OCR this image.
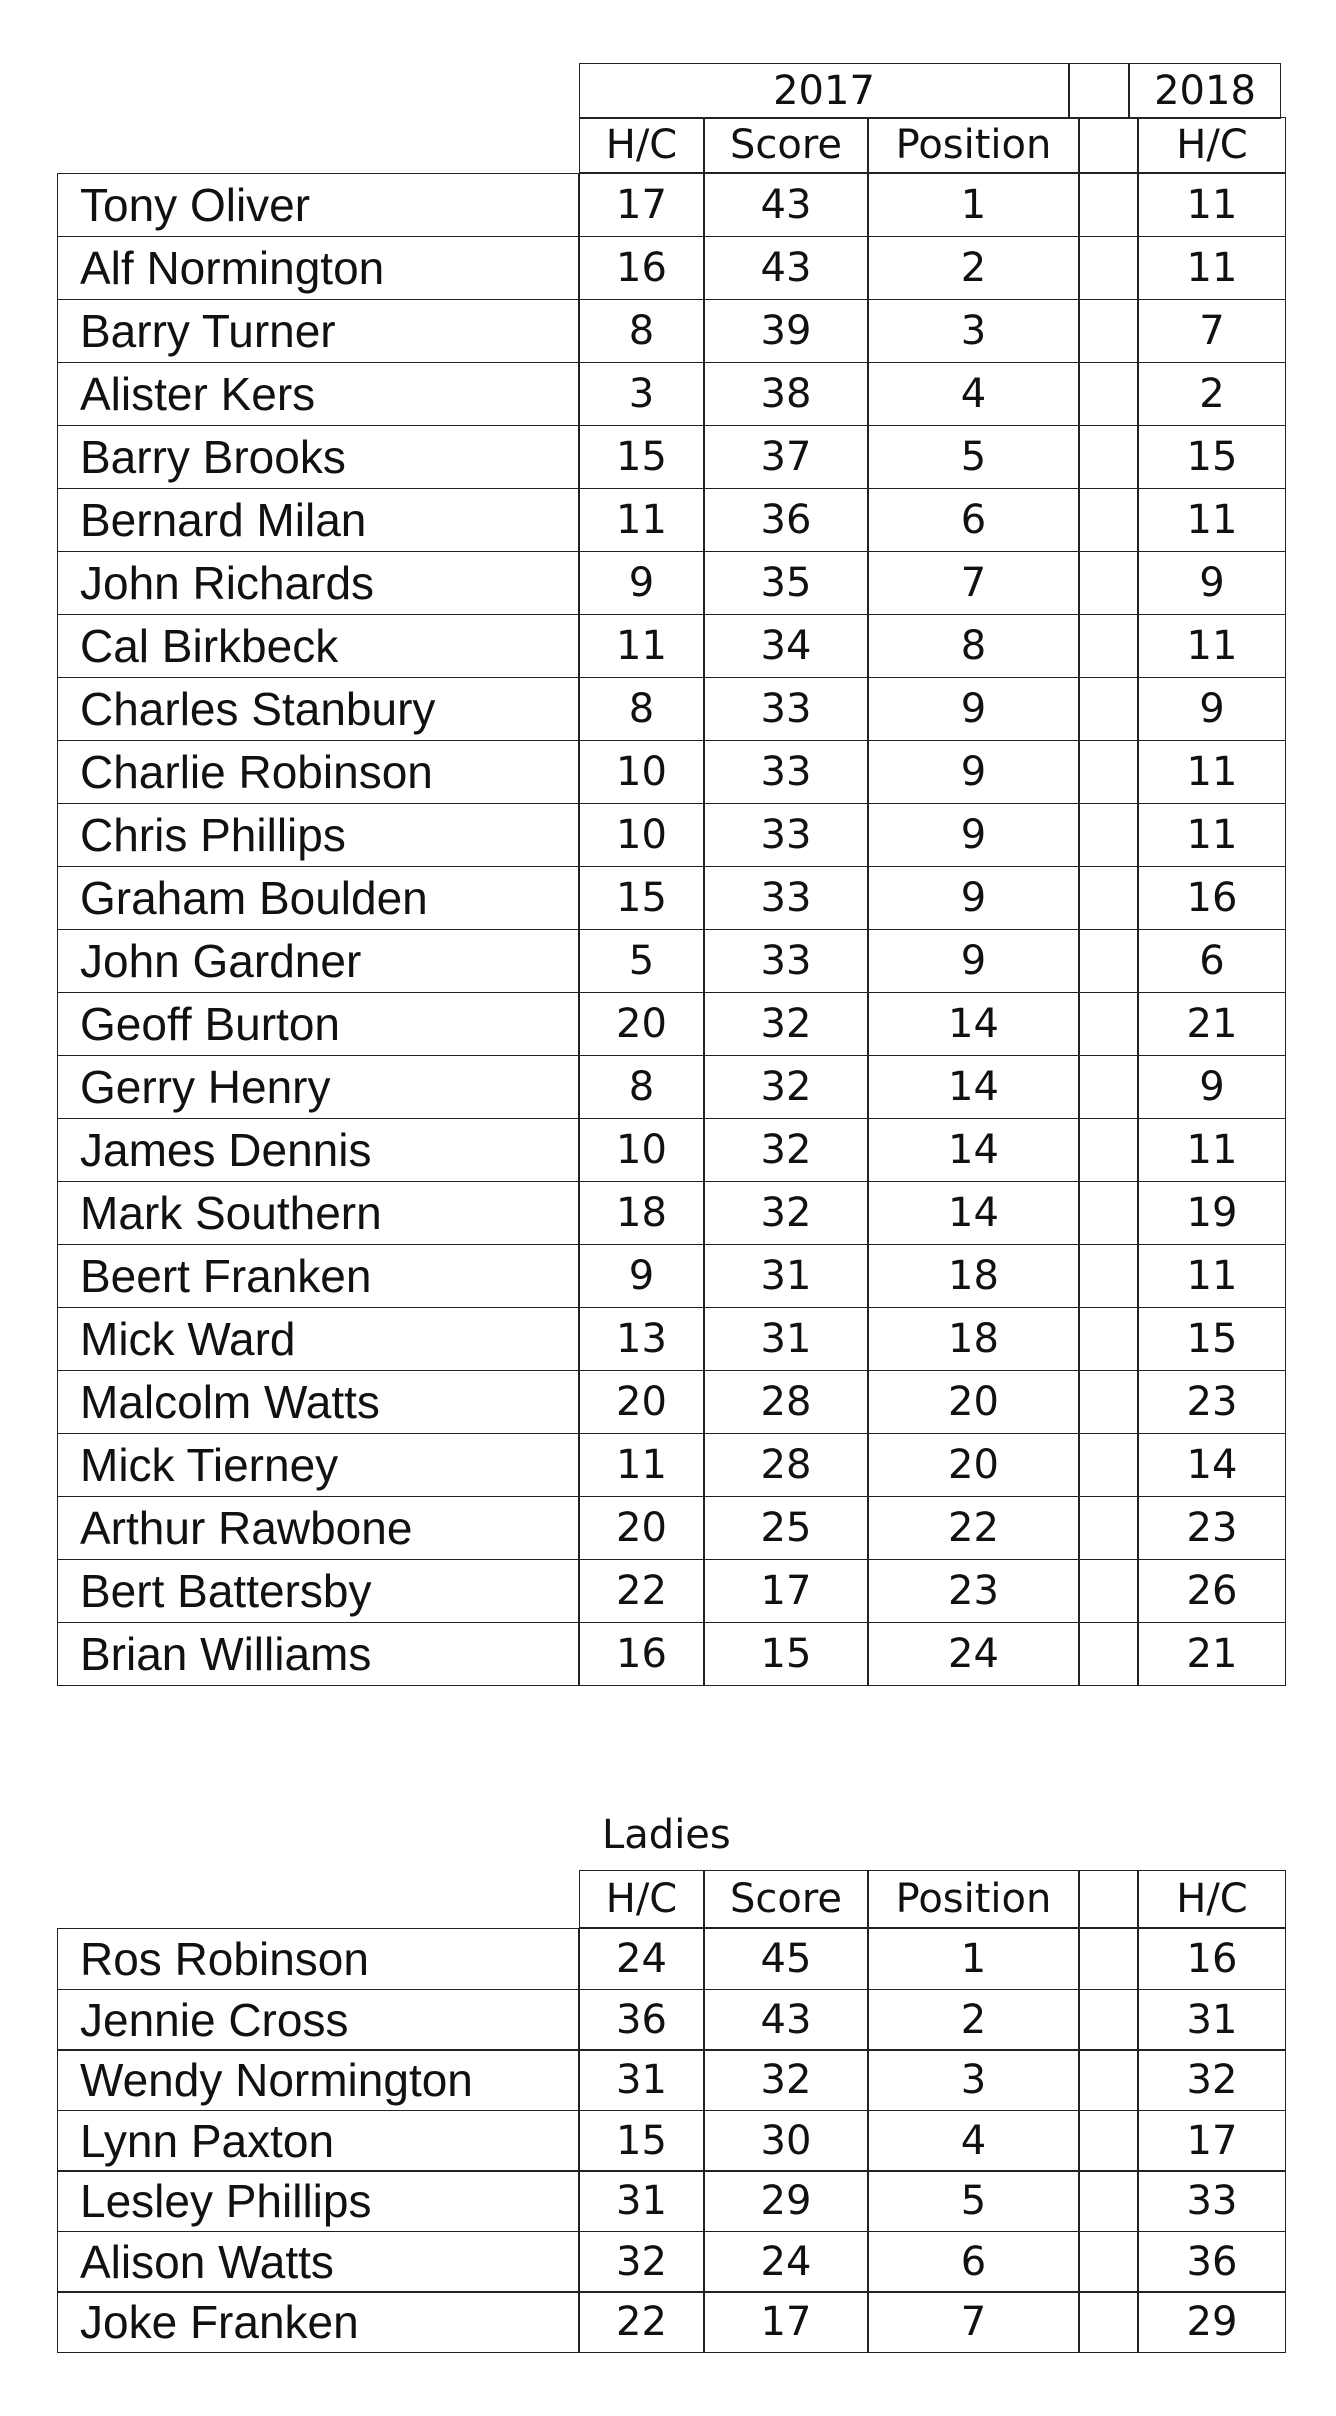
2017	2018
H/C	Score	Position	H/C
Tony Oliver	17	43	1	11
Alf Normington	16	43	2	11
Barry Turner	8	39	3	7
Alister Kers	3	38	4	2
Barry Brooks	15	37	5	15
Bernard Milan	11	36	6	11
John Richards	9	35	7	9
Cal Birkbeck	11	34	8	11
Charles Stanbury	8	33	9	9
Charlie Robinson	10	33	9	11
Chris Phillips	10	33	9	11
Graham Boulden	15	33	9	16
John Gardner	5	33	9	6
Geoff Burton	20	32	14	21
Gerry Henry	8	32	14	9
James Dennis	10	32	14	11
Mark Southern	18	32	14	19
Beert Franken	9	31	18	11
Mick Ward	13	31	18	15
Malcolm Watts	20	28	20	23
Mick Tierney	11	28	20	14
Arthur Rawbone	20	25	22	23
Bert Battersby	22	17	23	26
Brian Williams	16	15	24	21
Ladies
H/C	Score	Position	H/C
Ros Robinson	24	45	1	16
Jennie Cross	36	43	2	31
Wendy Normington	31	32	3	32
Lynn Paxton	15	30	4	17
Lesley Phillips	31	29	5	33
Alison Watts	32	24	6	36
Joke Franken	22	17	7	29
